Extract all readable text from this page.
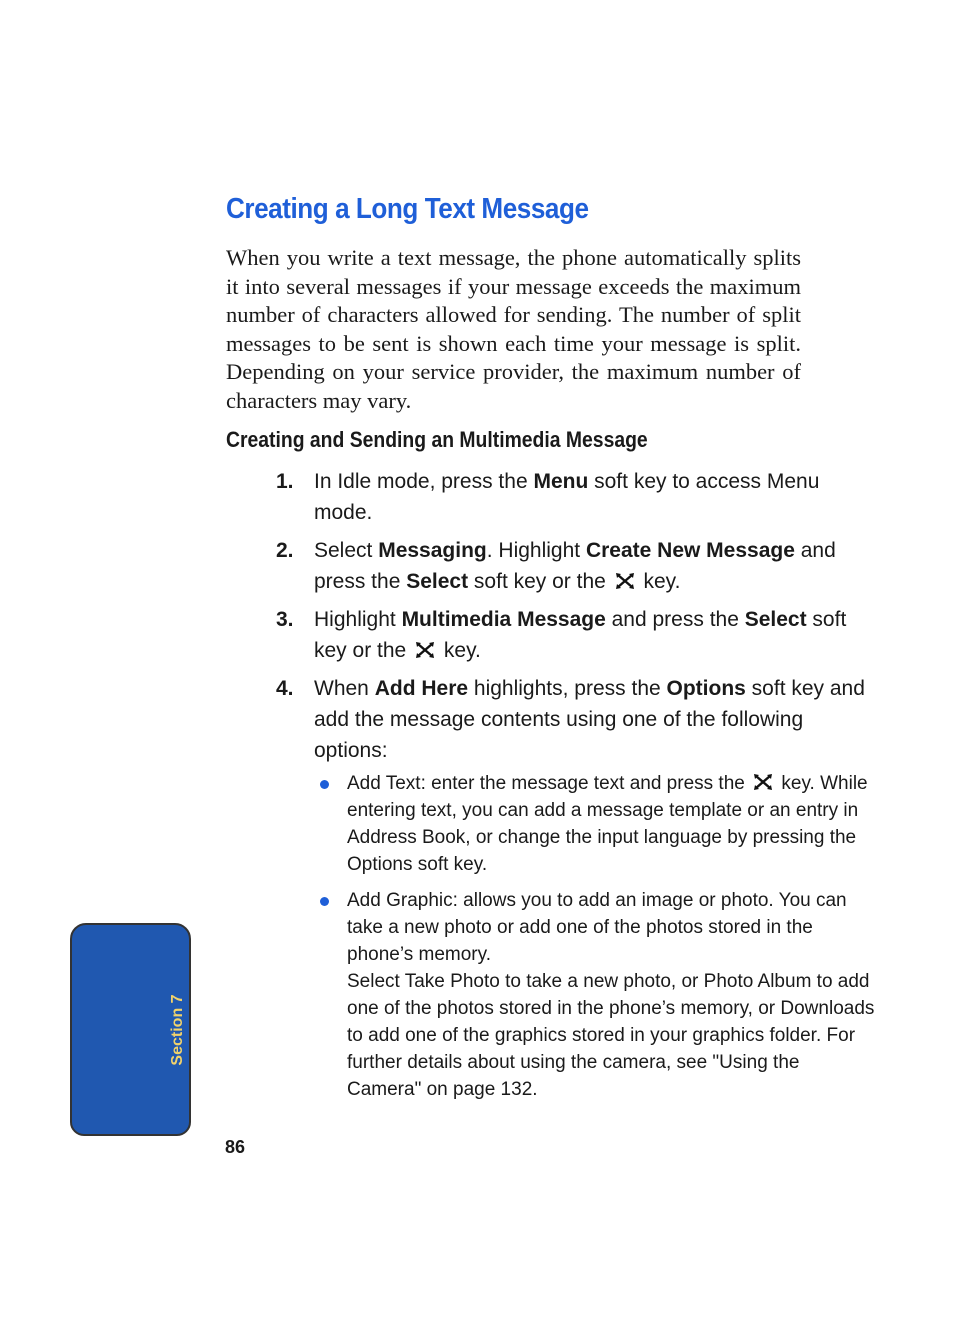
Creating a Long Text Message
When you write a text message, the phone automatically splits it into several messages if your message exceeds the maximum number of characters allowed for sending. The number of split messages to be sent is shown each time your message is split. Depending on your service provider, the maximum number of characters may vary.
Creating and Sending an Multimedia Message
1. In Idle mode, press the Menu soft key to access Menu mode.
2. Select Messaging. Highlight Create New Message and press the Select soft key or the  key.
3. Highlight Multimedia Message and press the Select soft key or the  key.
4. When Add Here highlights, press the Options soft key and add the message contents using one of the following options:
Add Text: enter the message text and press the  key. While entering text, you can add a message template or an entry in Address Book, or change the input language by pressing the Options soft key.
Add Graphic: allows you to add an image or photo. You can take a new photo or add one of the photos stored in the phone’s memory.
Select Take Photo to take a new photo, or Photo Album to add one of the photos stored in the phone’s memory, or Downloads to add one of the graphics stored in your graphics folder. For further details about using the camera, see "Using the Camera" on page 132.
Section 7
86
